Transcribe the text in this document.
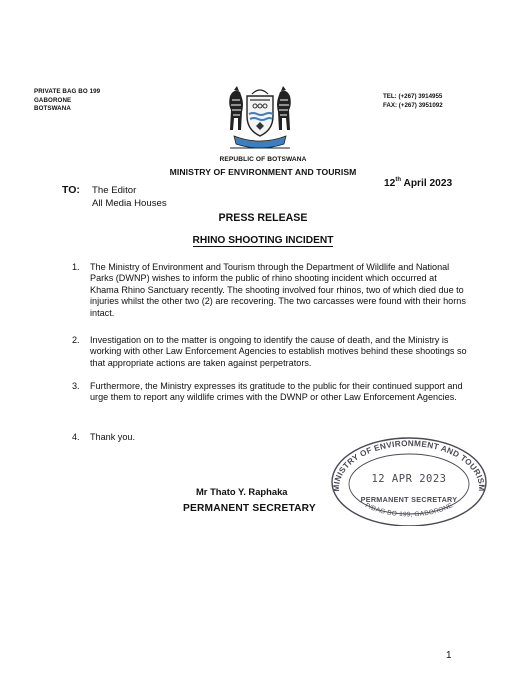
PRIVATE BAG BO 199
GABORONE
BOTSWANA
TEL: (+267) 3914955
FAX: (+267) 3951092
REPUBLIC OF BOTSWANA
MINISTRY OF ENVIRONMENT AND TOURISM
12th April 2023
TO: The Editor
All Media Houses
PRESS RELEASE
RHINO SHOOTING INCIDENT
1. The Ministry of Environment and Tourism through the Department of Wildlife and National Parks (DWNP) wishes to inform the public of rhino shooting incident which occurred at Khama Rhino Sanctuary recently. The shooting involved four rhinos, two of which died due to injuries whilst the other two (2) are recovering. The two carcasses were found with their horns intact.
2. Investigation on to the matter is ongoing to identify the cause of death, and the Ministry is working with other Law Enforcement Agencies to establish motives behind these shootings so that appropriate actions are taken against perpetrators.
3. Furthermore, the Ministry expresses its gratitude to the public for their continued support and urge them to report any wildlife crimes with the DWNP or other Law Enforcement Agencies.
4. Thank you.
Mr Thato Y. Raphaka
PERMANENT SECRETARY
MINISTRY OF ENVIRONMENT AND TOURISM
12 APR 2023
PERMANENT SECRETARY
P/BAG BO 199, GABORONE
1
